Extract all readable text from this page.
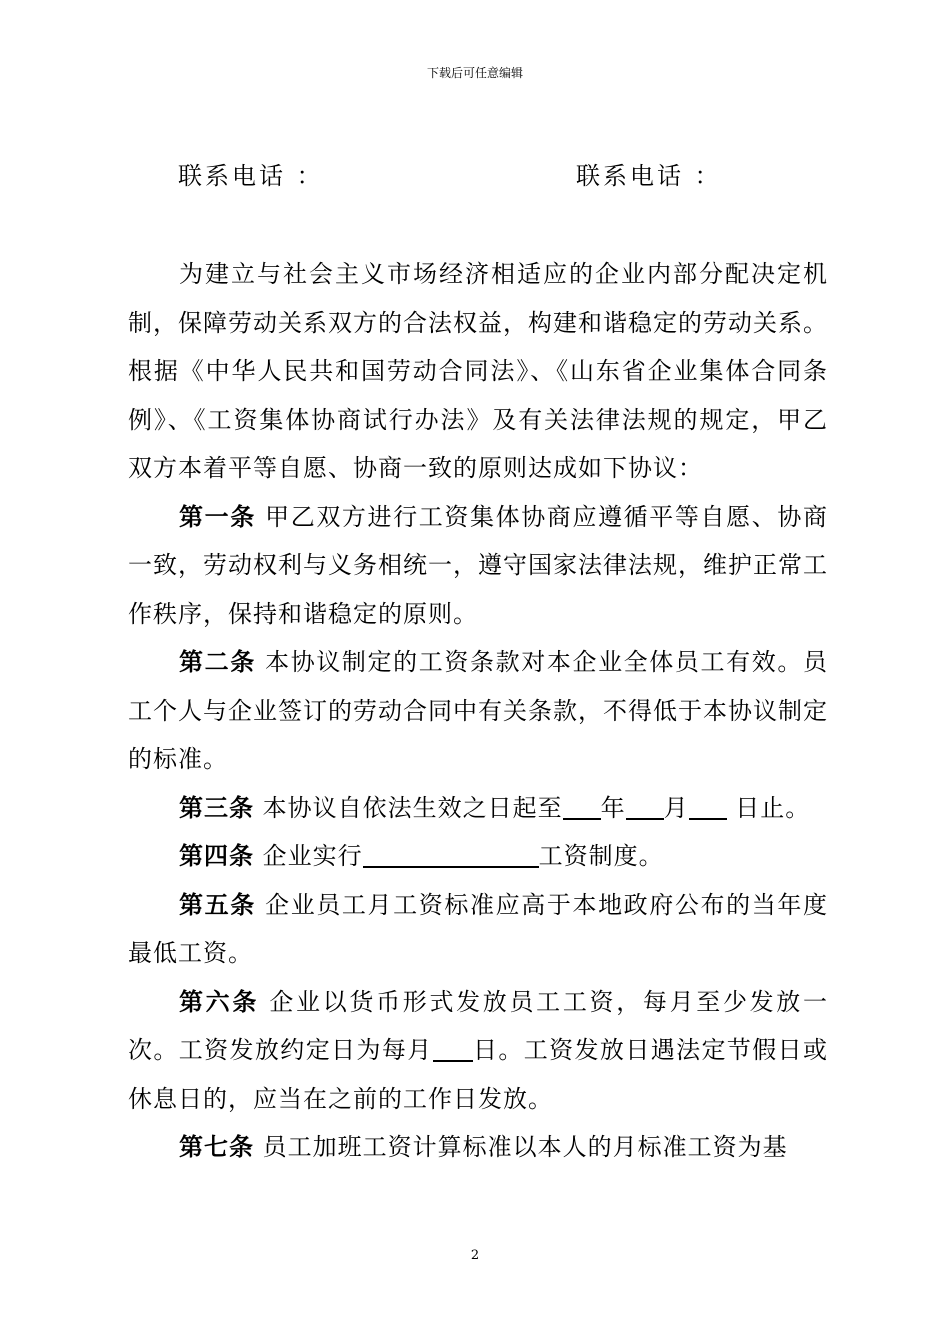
下载后可任意编辑
联系电话 ：	联系电话 ：

为建立与社会主义市场经济相适应的企业内部分配决定机制，保障劳动关系双方的合法权益，构建和谐稳定的劳动关系。根据《中华人民共和国劳动合同法》、《山东省企业集体合同条例》、《工资集体协商试行办法》及有关法律法规的规定，甲乙双方本着平等自愿、协商一致的原则达成如下协议：

第一条 甲乙双方进行工资集体协商应遵循平等自愿、协商一致，劳动权利与义务相统一，遵守国家法律法规，维护正常工作秩序，保持和谐稳定的原则。

第二条 本协议制定的工资条款对本企业全体员工有效。员工个人与企业签订的劳动合同中有关条款，不得低于本协议制定的标准。

第三条 本协议自依法生效之日起至 年 月 日止。

第四条 企业实行	工资制度。

第五条 企业员工月工资标准应高于本地政府公布的当年度最低工资。

第六条 企业以货币形式发放员工工资，每月至少发放一次。工资发放约定日为每月 日。工资发放日遇法定节假日或休息日的，应当在之前的工作日发放。

第七条 员工加班工资计算标准以本人的月标准工资为基

2
